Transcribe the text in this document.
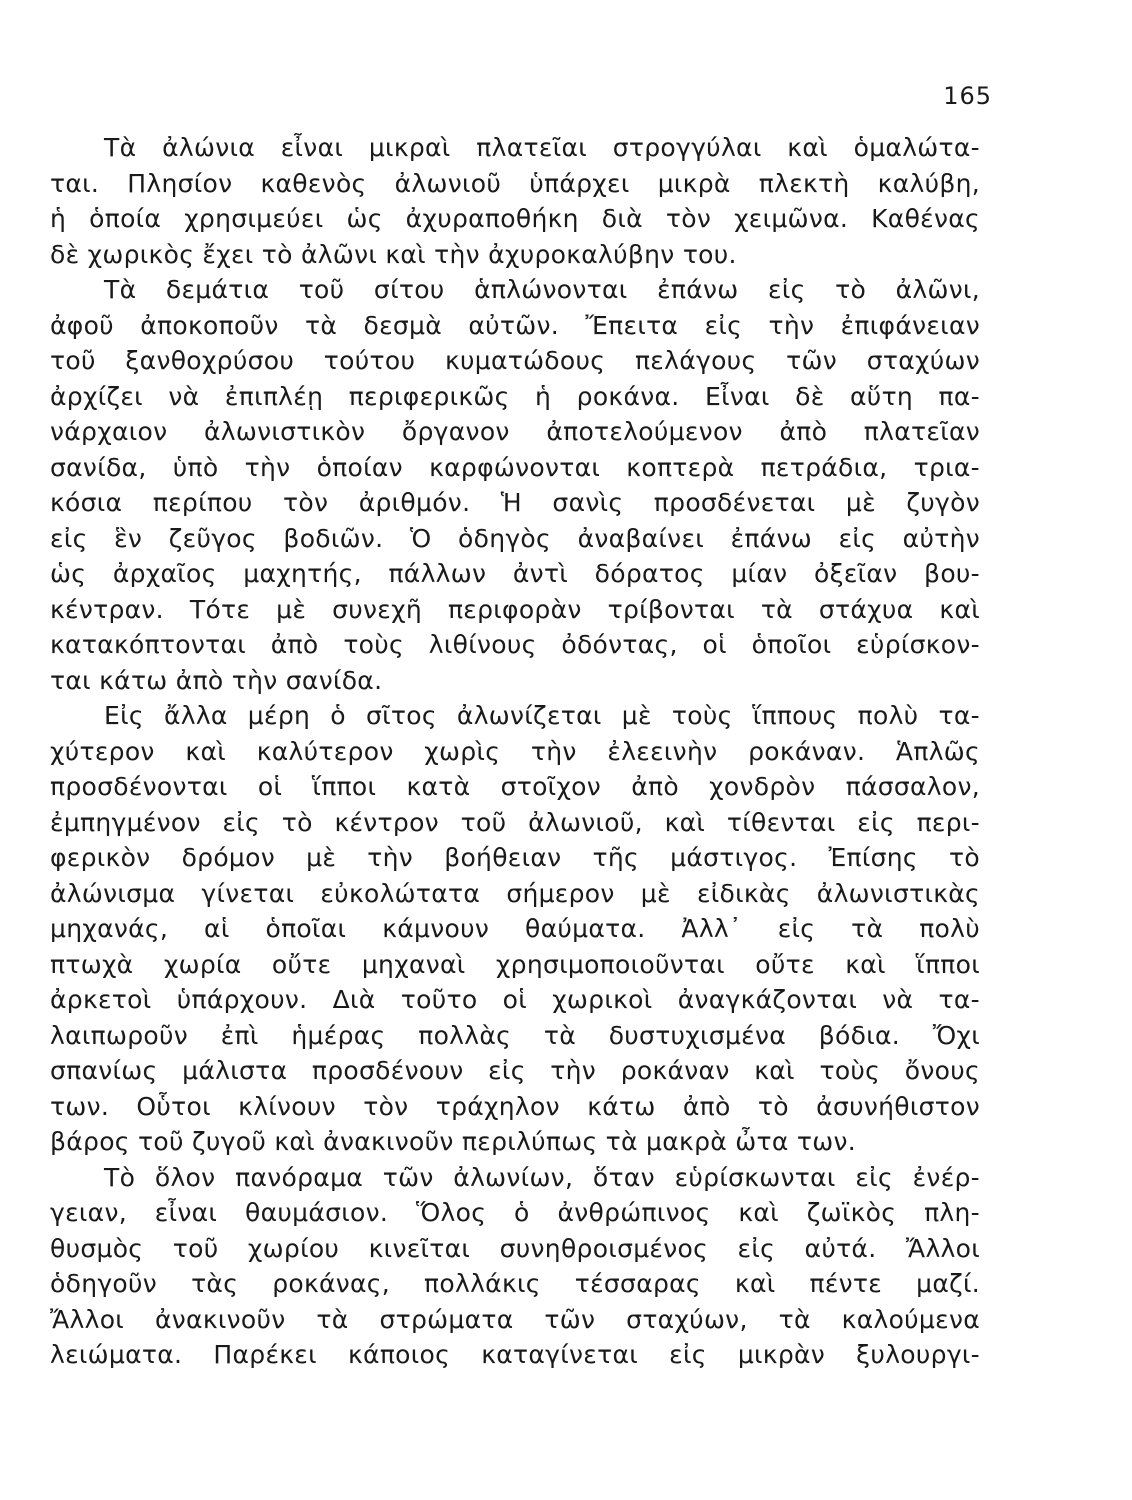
165
Τὰ ἀλώνια εἶναι μικραὶ πλατεῖαι στρογγύλαι καὶ ὁμαλώτα-
ται. Πλησίον καθενὸς ἀλωνιοῦ ὑπάρχει μικρὰ πλεκτὴ καλύβη,
ἡ ὁποία χρησιμεύει ὡς ἀχυραποθήκη διὰ τὸν χειμῶνα. Καθένας
δὲ χωρικὸς ἔχει τὸ ἀλῶνι καὶ τὴν ἀχυροκαλύβην του.
Τὰ δεμάτια τοῦ σίτου ἁπλώνονται ἐπάνω εἰς τὸ ἀλῶνι,
ἀφοῦ ἀποκοποῦν τὰ δεσμὰ αὐτῶν. Ἔπειτα εἰς τὴν ἐπιφάνειαν
τοῦ ξανθοχρύσου τούτου κυματώδους πελάγους τῶν σταχύων
ἀρχίζει νὰ ἐπιπλέῃ περιφερικῶς ἡ ροκάνα. Εἶναι δὲ αὕτη πα-
νάρχαιον ἀλωνιστικὸν ὄργανον ἀποτελούμενον ἀπὸ πλατεῖαν
σανίδα, ὑπὸ τὴν ὁποίαν καρφώνονται κοπτερὰ πετράδια, τρια-
κόσια περίπου τὸν ἀριθμόν. Ἡ σανὶς προσδένεται μὲ ζυγὸν
εἰς ἓν ζεῦγος βοδιῶν. Ὁ ὁδηγὸς ἀναβαίνει ἐπάνω εἰς αὐτὴν
ὡς ἀρχαῖος μαχητής, πάλλων ἀντὶ δόρατος μίαν ὀξεῖαν βου-
κέντραν. Τότε μὲ συνεχῆ περιφορὰν τρίβονται τὰ στάχυα καὶ
κατακόπτονται ἀπὸ τοὺς λιθίνους ὀδόντας, οἱ ὁποῖοι εὑρίσκον-
ται κάτω ἀπὸ τὴν σανίδα.
Εἰς ἄλλα μέρη ὁ σῖτος ἀλωνίζεται μὲ τοὺς ἵππους πολὺ τα-
χύτερον καὶ καλύτερον χωρὶς τὴν ἐλεεινὴν ροκάναν. Ἁπλῶς
προσδένονται οἱ ἵπποι κατὰ στοῖχον ἀπὸ χονδρὸν πάσσαλον,
ἐμπηγμένον εἰς τὸ κέντρον τοῦ ἀλωνιοῦ, καὶ τίθενται εἰς περι-
φερικὸν δρόμον μὲ τὴν βοήθειαν τῆς μάστιγος. Ἐπίσης τὸ
ἀλώνισμα γίνεται εὐκολώτατα σήμερον μὲ εἰδικὰς ἀλωνιστικὰς
μηχανάς, αἱ ὁποῖαι κάμνουν θαύματα. Ἀλλ᾽ εἰς τὰ πολὺ
πτωχὰ χωρία οὔτε μηχαναὶ χρησιμοποιοῦνται οὔτε καὶ ἵπποι
ἀρκετοὶ ὑπάρχουν. Διὰ τοῦτο οἱ χωρικοὶ ἀναγκάζονται νὰ τα-
λαιπωροῦν ἐπὶ ἡμέρας πολλὰς τὰ δυστυχισμένα βόδια. Ὄχι
σπανίως μάλιστα προσδένουν εἰς τὴν ροκάναν καὶ τοὺς ὄνους
των. Οὗτοι κλίνουν τὸν τράχηλον κάτω ἀπὸ τὸ ἀσυνήθιστον
βάρος τοῦ ζυγοῦ καὶ ἀνακινοῦν περιλύπως τὰ μακρὰ ὦτα των.
Τὸ ὅλον πανόραμα τῶν ἀλωνίων, ὅταν εὑρίσκωνται εἰς ἐνέρ-
γειαν, εἶναι θαυμάσιον. Ὅλος ὁ ἀνθρώπινος καὶ ζωϊκὸς πλη-
θυσμὸς τοῦ χωρίου κινεῖται συνηθροισμένος εἰς αὐτά. Ἄλλοι
ὁδηγοῦν τὰς ροκάνας, πολλάκις τέσσαρας καὶ πέντε μαζί.
Ἄλλοι ἀνακινοῦν τὰ στρώματα τῶν σταχύων, τὰ καλούμενα
λειώματα. Παρέκει κάποιος καταγίνεται εἰς μικρὰν ξυλουργι-
